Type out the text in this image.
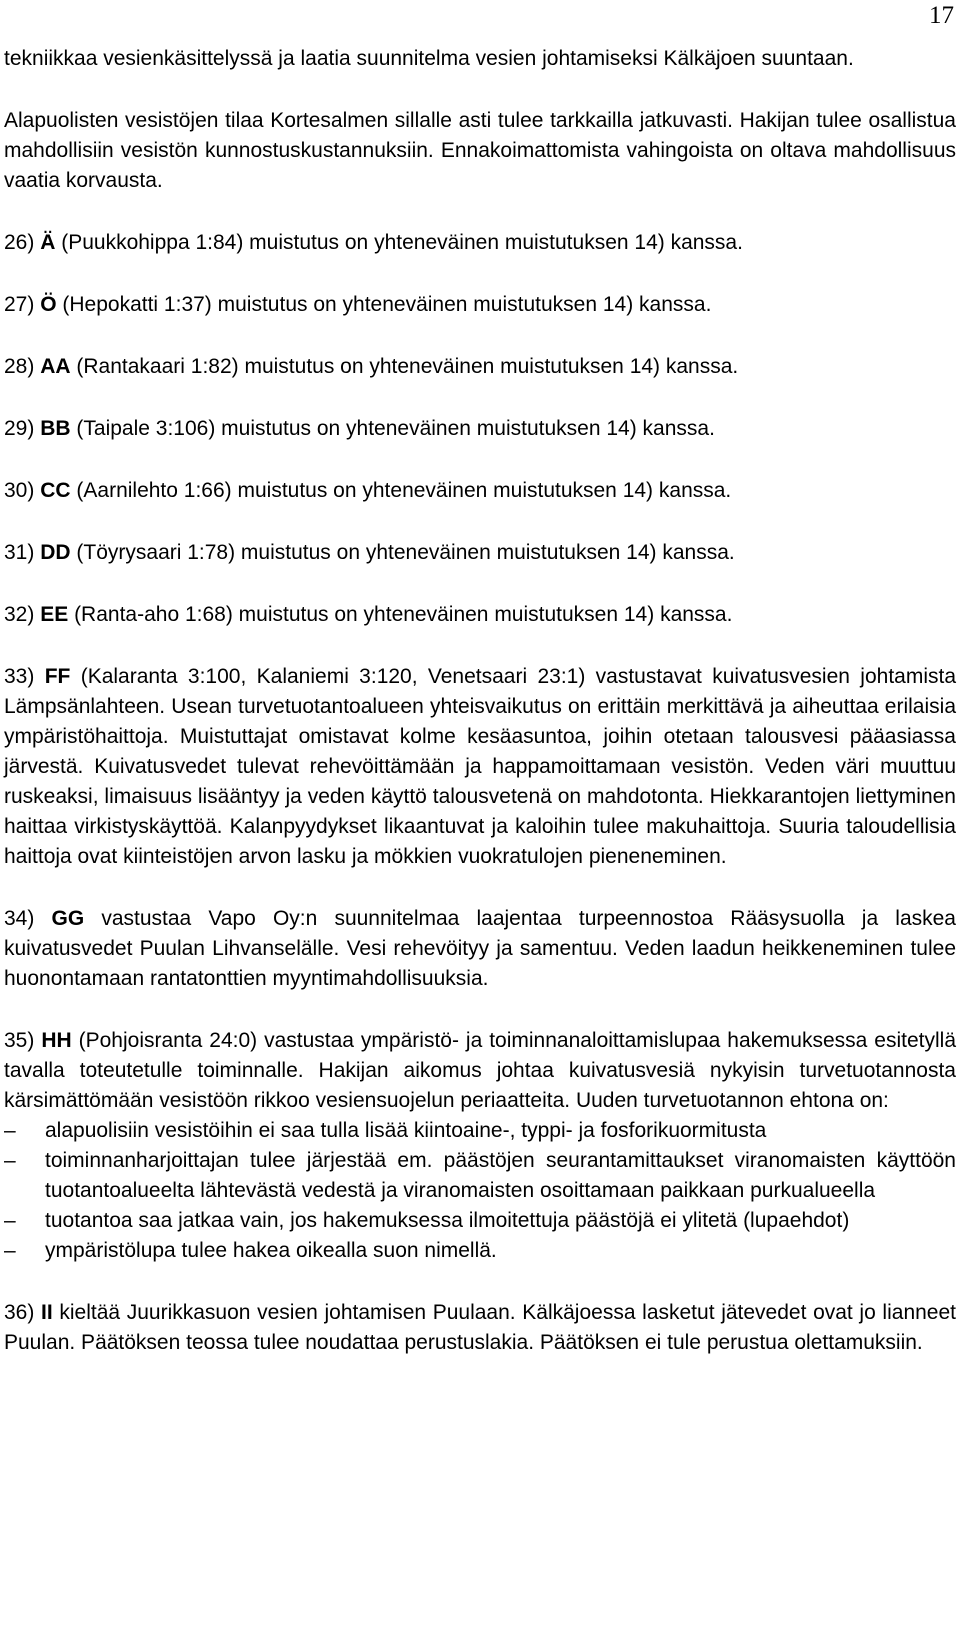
17

tekniikkaa vesienkäsittelyssä ja laatia suunnitelma vesien johtamiseksi Kälkäjoen suuntaan.

Alapuolisten vesistöjen tilaa Kortesalmen sillalle asti tulee tarkkailla jatkuvasti. Hakijan tulee osallistua mahdollisiin vesistön kunnostuskustannuksiin. Ennakoimattomista vahingoista on oltava mahdollisuus vaatia korvausta.

26) Ä (Puukkohippa 1:84) muistutus on yhteneväinen muistutuksen 14) kanssa.

27) Ö (Hepokatti 1:37) muistutus on yhteneväinen muistutuksen 14) kanssa.

28) AA (Rantakaari 1:82) muistutus on yhteneväinen muistutuksen 14) kanssa.

29) BB (Taipale 3:106) muistutus on yhteneväinen muistutuksen 14) kanssa.

30) CC (Aarnilehto 1:66) muistutus on yhteneväinen muistutuksen 14) kanssa.

31) DD (Töyrysaari 1:78) muistutus on yhteneväinen muistutuksen 14) kanssa.

32) EE (Ranta-aho 1:68) muistutus on yhteneväinen muistutuksen 14) kanssa.

33) FF (Kalaranta 3:100, Kalaniemi 3:120, Venetsaari 23:1) vastustavat kuivatusvesien johtamista Lämpsänlahteen. Usean turvetuotantoalueen yhteisvaikutus on erittäin merkittävä ja aiheuttaa erilaisia ympäristöhaittoja. Muistuttajat omistavat kolme kesäasuntoa, joihin otetaan talousvesi pääasiassa järvestä. Kuivatusvedet tulevat rehevöittämään ja happamoittamaan vesistön. Veden väri muuttuu ruskeaksi, limaisuus lisääntyy ja veden käyttö talousvetenä on mahdotonta. Hiekkarantojen liettyminen haittaa virkistyskäyttöä. Kalanpyydykset likaantuvat ja kaloihin tulee makuhaittoja. Suuria taloudellisia haittoja ovat kiinteistöjen arvon lasku ja mökkien vuokratulojen pieneneminen.

34) GG vastustaa Vapo Oy:n suunnitelmaa laajentaa turpeennostoa Rääsysuolla ja laskea kuivatusvedet Puulan Lihvanselälle. Vesi rehevöityy ja samentuu. Veden laadun heikkeneminen tulee huonontamaan rantatonttien myyntimahdollisuuksia.

35) HH (Pohjoisranta 24:0) vastustaa ympäristö- ja toiminnanaloittamislupaa hakemuksessa esitetyllä tavalla toteutetulle toiminnalle. Hakijan aikomus johtaa kuivatusvesiä nykyisin turvetuotannosta kärsimättömään vesistöön rikkoo vesiensuojelun periaatteita. Uuden turvetuotannon ehtona on:

–	alapuolisiin vesistöihin ei saa tulla lisää kiintoaine-, typpi- ja fosforikuormitusta
–	toiminnanharjoittajan tulee järjestää em. päästöjen seurantamittaukset viranomaisten käyttöön tuotantoalueelta lähtevästä vedestä ja viranomaisten osoittamaan paikkaan purkualueella
–	tuotantoa saa jatkaa vain, jos hakemuksessa ilmoitettuja päästöjä ei ylitetä (lupaehdot)
–	ympäristölupa tulee hakea oikealla suon nimellä.

36) II kieltää Juurikkasuon vesien johtamisen Puulaan. Kälkäjoessa lasketut jätevedet ovat jo lianneet Puulan. Päätöksen teossa tulee noudattaa perustuslakia. Päätöksen ei tule perustua olettamuksiin.
